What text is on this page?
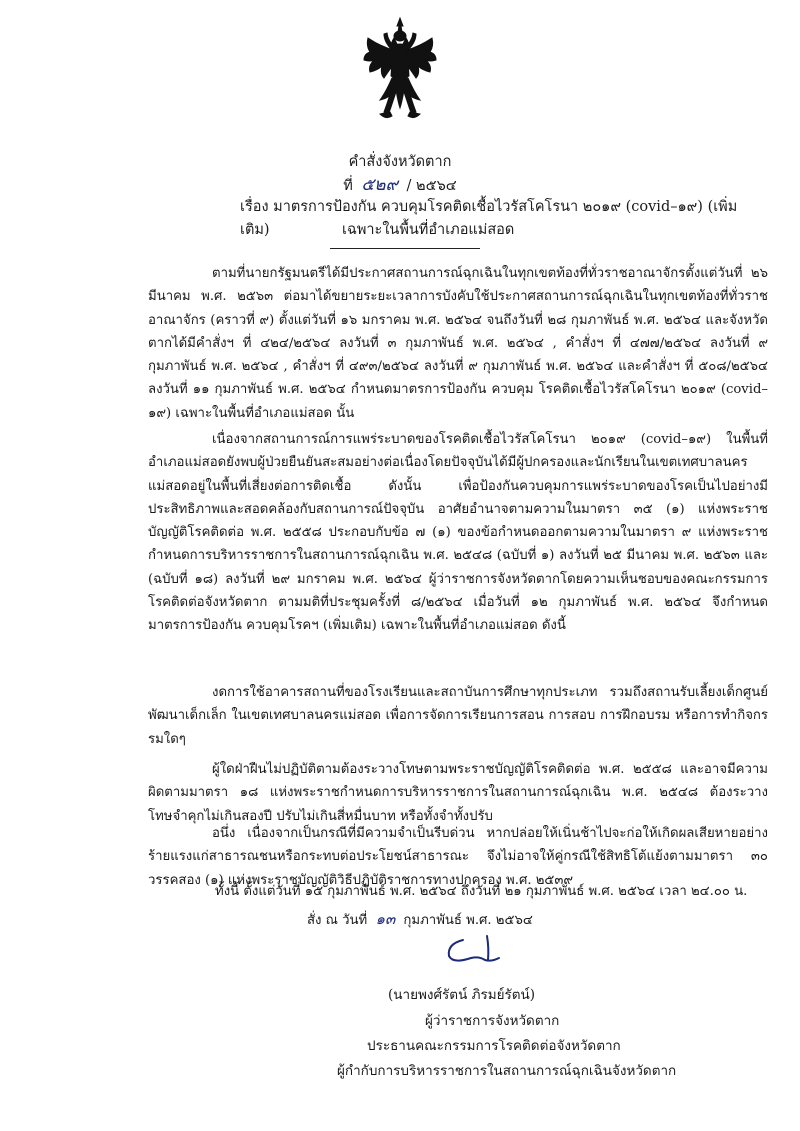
คำสั่งจังหวัดตาก
ที่ ๕๒๙ / ๒๕๖๔
เรื่อง มาตรการป้องกัน ควบคุมโรคติดเชื้อไวรัสโคโรนา ๒๐๑๙ (covid–๑๙) (เพิ่มเติม)	เฉพาะในพื้นที่อำเภอแม่สอด

ตามที่นายกรัฐมนตรีได้มีประกาศสถานการณ์ฉุกเฉินในทุกเขตท้องที่ทั่วราชอาณาจักรตั้งแต่วันที่ ๒๖ มีนาคม พ.ศ. ๒๕๖๓ ต่อมาได้ขยายระยะเวลาการบังคับใช้ประกาศสถานการณ์ฉุกเฉินในทุกเขตท้องที่ทั่วราชอาณาจักร (คราวที่ ๙) ตั้งแต่วันที่ ๑๖ มกราคม พ.ศ. ๒๕๖๔ จนถึงวันที่ ๒๘ กุมภาพันธ์ พ.ศ. ๒๕๖๔ และจังหวัดตากได้มีคำสั่งฯ ที่ ๔๒๔/๒๕๖๔ ลงวันที่ ๓ กุมภาพันธ์ พ.ศ. ๒๕๖๔ , คำสั่งฯ ที่ ๔๗๗/๒๕๖๔ ลงวันที่ ๙ กุมภาพันธ์ พ.ศ. ๒๕๖๔ , คำสั่งฯ ที่ ๔๙๓/๒๕๖๔ ลงวันที่ ๙ กุมภาพันธ์ พ.ศ. ๒๕๖๔ และคำสั่งฯ ที่ ๕๐๘/๒๕๖๔ ลงวันที่ ๑๑ กุมภาพันธ์ พ.ศ. ๒๕๖๔ กำหนดมาตรการป้องกัน ควบคุม โรคติดเชื้อไวรัสโคโรนา ๒๐๑๙ (covid–๑๙) เฉพาะในพื้นที่อำเภอแม่สอด นั้น

เนื่องจากสถานการณ์การแพร่ระบาดของโรคติดเชื้อไวรัสโคโรนา ๒๐๑๙ (covid–๑๙) ในพื้นที่อำเภอแม่สอดยังพบผู้ป่วยยืนยันสะสมอย่างต่อเนื่องโดยปัจจุบันได้มีผู้ปกครองและนักเรียนในเขตเทศบาลนครแม่สอดอยู่ในพื้นที่เสี่ยงต่อการติดเชื้อ ดังนั้น เพื่อป้องกันควบคุมการแพร่ระบาดของโรคเป็นไปอย่างมีประสิทธิภาพและสอดคล้องกับสถานการณ์ปัจจุบัน อาศัยอำนาจตามความในมาตรา ๓๕ (๑) แห่งพระราชบัญญัติโรคติดต่อ พ.ศ. ๒๕๕๘ ประกอบกับข้อ ๗ (๑) ของข้อกำหนดออกตามความในมาตรา ๙ แห่งพระราชกำหนดการบริหารราชการในสถานการณ์ฉุกเฉิน พ.ศ. ๒๕๔๘ (ฉบับที่ ๑) ลงวันที่ ๒๕ มีนาคม พ.ศ. ๒๕๖๓ และ (ฉบับที่ ๑๘) ลงวันที่ ๒๙ มกราคม พ.ศ. ๒๕๖๔ ผู้ว่าราชการจังหวัดตากโดยความเห็นชอบของคณะกรรมการโรคติดต่อจังหวัดตาก ตามมติที่ประชุมครั้งที่ ๘/๒๕๖๔ เมื่อวันที่ ๑๒ กุมภาพันธ์ พ.ศ. ๒๕๖๔ จึงกำหนดมาตรการป้องกัน ควบคุมโรคฯ (เพิ่มเติม) เฉพาะในพื้นที่อำเภอแม่สอด ดังนี้

งดการใช้อาคารสถานที่ของโรงเรียนและสถาบันการศึกษาทุกประเภท รวมถึงสถานรับเลี้ยงเด็กศูนย์พัฒนาเด็กเล็ก ในเขตเทศบาลนครแม่สอด เพื่อการจัดการเรียนการสอน การสอบ การฝึกอบรม หรือการทำกิจกรรมใดๆ

ผู้ใดฝ่าฝืนไม่ปฏิบัติตามต้องระวางโทษตามพระราชบัญญัติโรคติดต่อ พ.ศ. ๒๕๕๘ และอาจมีความผิดตามมาตรา ๑๘ แห่งพระราชกำหนดการบริหารราชการในสถานการณ์ฉุกเฉิน พ.ศ. ๒๕๔๘ ต้องระวางโทษจำคุกไม่เกินสองปี ปรับไม่เกินสี่หมื่นบาท หรือทั้งจำทั้งปรับ

อนึ่ง เนื่องจากเป็นกรณีที่มีความจำเป็นรีบด่วน หากปล่อยให้เนิ่นช้าไปจะก่อให้เกิดผลเสียหายอย่างร้ายแรงแก่สาธารณชนหรือกระทบต่อประโยชน์สาธารณะ จึงไม่อาจให้คู่กรณีใช้สิทธิโต้แย้งตามมาตรา ๓๐ วรรคสอง (๑) แห่งพระราชบัญญัติวิธีปฏิบัติราชการทางปกครอง พ.ศ. ๒๕๓๙

ทั้งนี้ ตั้งแต่วันที่ ๑๕ กุมภาพันธ์ พ.ศ. ๒๕๖๔ ถึงวันที่ ๒๑ กุมภาพันธ์ พ.ศ. ๒๕๖๔ เวลา ๒๔.๐๐ น.
สั่ง ณ วันที่ ๑๓ กุมภาพันธ์ พ.ศ. ๒๕๖๔
(นายพงศ์รัตน์ ภิรมย์รัตน์)
ผู้ว่าราชการจังหวัดตาก
ประธานคณะกรรมการโรคติดต่อจังหวัดตาก
ผู้กำกับการบริหารราชการในสถานการณ์ฉุกเฉินจังหวัดตาก
